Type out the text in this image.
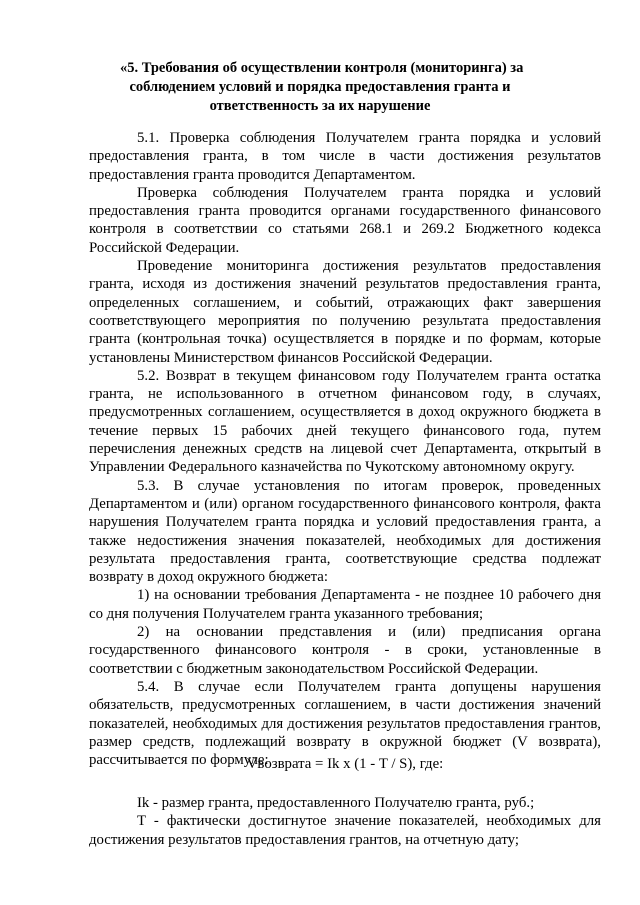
«5. Требования об осуществлении контроля (мониторинга) за
соблюдением условий и порядка предоставления гранта и
ответственность за их нарушение

5.1. Проверка соблюдения Получателем гранта порядка и условий предоставления гранта, в том числе в части достижения результатов предоставления гранта проводится Департаментом.

Проверка соблюдения Получателем гранта порядка и условий предоставления гранта проводится органами государственного финансового контроля в соответствии со статьями 268.1 и 269.2 Бюджетного кодекса Российской Федерации.

Проведение мониторинга достижения результатов предоставления гранта, исходя из достижения значений результатов предоставления гранта, определенных соглашением, и событий, отражающих факт завершения соответствующего мероприятия по получению результата предоставления гранта (контрольная точка) осуществляется в порядке и по формам, которые установлены Министерством финансов Российской Федерации.

5.2. Возврат в текущем финансовом году Получателем гранта остатка гранта, не использованного в отчетном финансовом году, в случаях, предусмотренных соглашением, осуществляется в доход окружного бюджета в течение первых 15 рабочих дней текущего финансового года, путем перечисления денежных средств на лицевой счет Департамента, открытый в Управлении Федерального казначейства по Чукотскому автономному округу.

5.3. В случае установления по итогам проверок, проведенных Департаментом и (или) органом государственного финансового контроля, факта нарушения Получателем гранта порядка и условий предоставления гранта, а также недостижения значения показателей, необходимых для достижения результата предоставления гранта, соответствующие средства подлежат возврату в доход окружного бюджета:

1) на основании требования Департамента - не позднее 10 рабочего дня со дня получения Получателем гранта указанного требования;

2) на основании представления и (или) предписания органа государственного финансового контроля - в сроки, установленные в соответствии с бюджетным законодательством Российской Федерации.

5.4. В случае если Получателем гранта допущены нарушения обязательств, предусмотренных соглашением, в части достижения значений показателей, необходимых для достижения результатов предоставления грантов, размер средств, подлежащий возврату в окружной бюджет (V возврата), рассчитывается по формуле:

Vвозврата = Ik х (1 - T / S), где:

Ik - размер гранта, предоставленного Получателю гранта, руб.;

T - фактически достигнутое значение показателей, необходимых для достижения результатов предоставления грантов, на отчетную дату;
